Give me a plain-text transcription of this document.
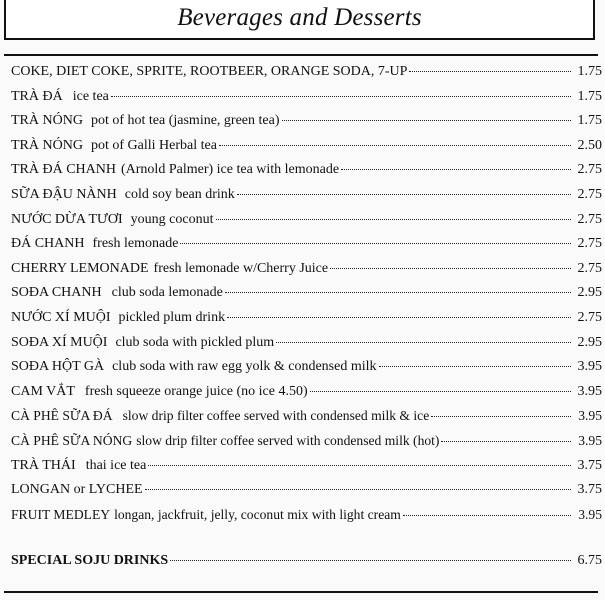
Beverages and Desserts
COKE, DIET COKE, SPRITE, ROOTBEER, ORANGE SODA, 7-UP	1.75
TRÀ ĐÁ ice tea	1.75
TRÀ NÓNG pot of hot tea (jasmine, green tea)	1.75
TRÀ NÓNG pot of Galli Herbal tea	2.50
TRÀ ĐÁ CHANH (Arnold Palmer) ice tea with lemonade	2.75
SỮA ĐẬU NÀNH cold soy bean drink	2.75
NƯỚC DỪA TƯƠI young coconut	2.75
ĐÁ CHANH fresh lemonade	2.75
CHERRY LEMONADE fresh lemonade w/Cherry Juice	2.75
SOĐA CHANH club soda lemonade	2.95
NƯỚC XÍ MUỘI pickled plum drink	2.75
SOĐA XÍ MUỘI club soda with pickled plum	2.95
SOĐA HỘT GÀ club soda with raw egg yolk & condensed milk	3.95
CAM VẮT fresh squeeze orange juice (no ice 4.50)	3.95
CÀ PHÊ SỮA ĐÁ slow drip filter coffee served with condensed milk & ice	3.95
CÀ PHÊ SỮA NÓNG slow drip filter coffee served with condensed milk (hot)	3.95
TRÀ THÁI thai ice tea	3.75
LONGAN or LYCHEE	3.75
FRUIT MEDLEY longan, jackfruit, jelly, coconut mix with light cream	3.95
SPECIAL SOJU DRINKS	6.75
